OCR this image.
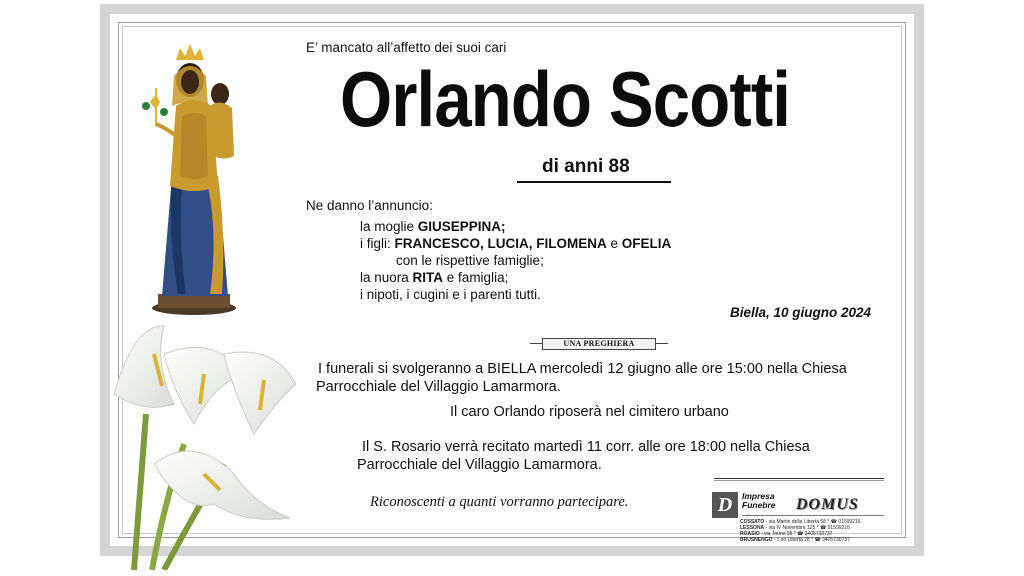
E’ mancato all’affetto dei suoi cari
Orlando Scotti
di anni 88
Ne danno l’annuncio:
la moglie GIUSEPPINA;
i figli: FRANCESCO, LUCIA, FILOMENA e OFELIA
con le rispettive famiglie;
la nuora RITA e famiglia;
i nipoti, i cugini e i parenti tutti.
Biella, 10 giugno 2024
UNA PREGHIERA
I funerali si svolgeranno a BIELLA mercoledì 12 giugno alle ore 15:00 nella Chiesa
Parrocchiale del Villaggio Lamarmora.
Il caro Orlando riposerà nel cimitero urbano
Il S. Rosario verrà recitato martedì 11 corr. alle ore 18:00 nella Chiesa
Parrocchiale del Villaggio Lamarmora.
Riconoscenti a quanti vorranno partecipare.	D	Impresa
Funebre DOMUS
COSSATO - via Martiri della Libertà 58 * ☎ 01599216
LESSONA - via IV Novembre 125 * ☎ 01599216
ROASIO - via Torino 95 * ☎ 3405730737
BRUSNENGO - c.so Libertà 28 * ☎ 3405730737
